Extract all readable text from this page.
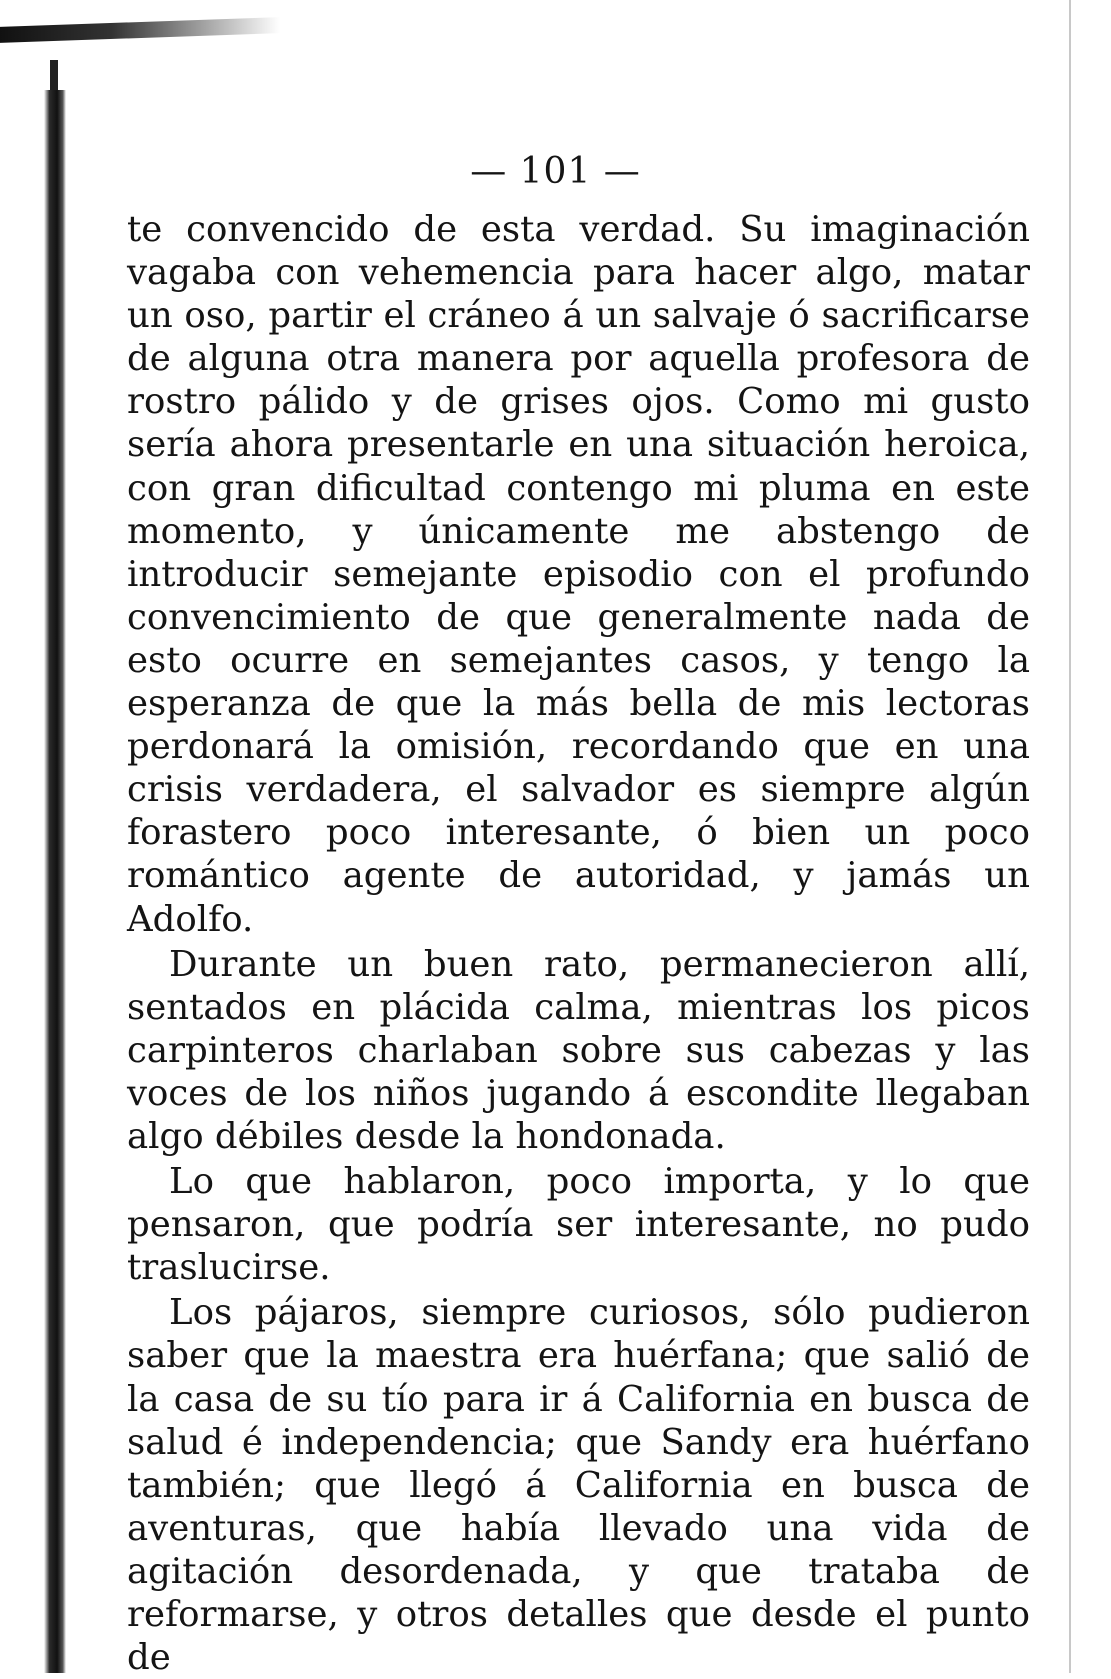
— 101 —

te convencido de esta verdad. Su imaginación vagaba con vehemencia para hacer algo, matar un oso, partir el cráneo á un salvaje ó sacrificarse de alguna otra manera por aquella profesora de rostro pálido y de grises ojos. Como mi gusto sería ahora presentarle en una situación heroica, con gran dificultad contengo mi pluma en este momento, y únicamente me abstengo de introducir semejante episodio con el profundo convencimiento de que generalmente nada de esto ocurre en semejantes casos, y tengo la esperanza de que la más bella de mis lectoras perdonará la omisión, recordando que en una crisis verdadera, el salvador es siempre algún forastero poco interesante, ó bien un poco romántico agente de autoridad, y jamás un Adolfo.

Durante un buen rato, permanecieron allí, sentados en plácida calma, mientras los picos carpinteros charlaban sobre sus cabezas y las voces de los niños jugando á escondite llegaban algo débiles desde la hondonada.

Lo que hablaron, poco importa, y lo que pensaron, que podría ser interesante, no pudo traslucirse.

Los pájaros, siempre curiosos, sólo pudieron saber que la maestra era huérfana; que salió de la casa de su tío para ir á California en busca de salud é independencia; que Sandy era huérfano también; que llegó á California en busca de aventuras, que había llevado una vida de agitación desordenada, y que trataba de reformarse, y otros detalles que desde el punto de
